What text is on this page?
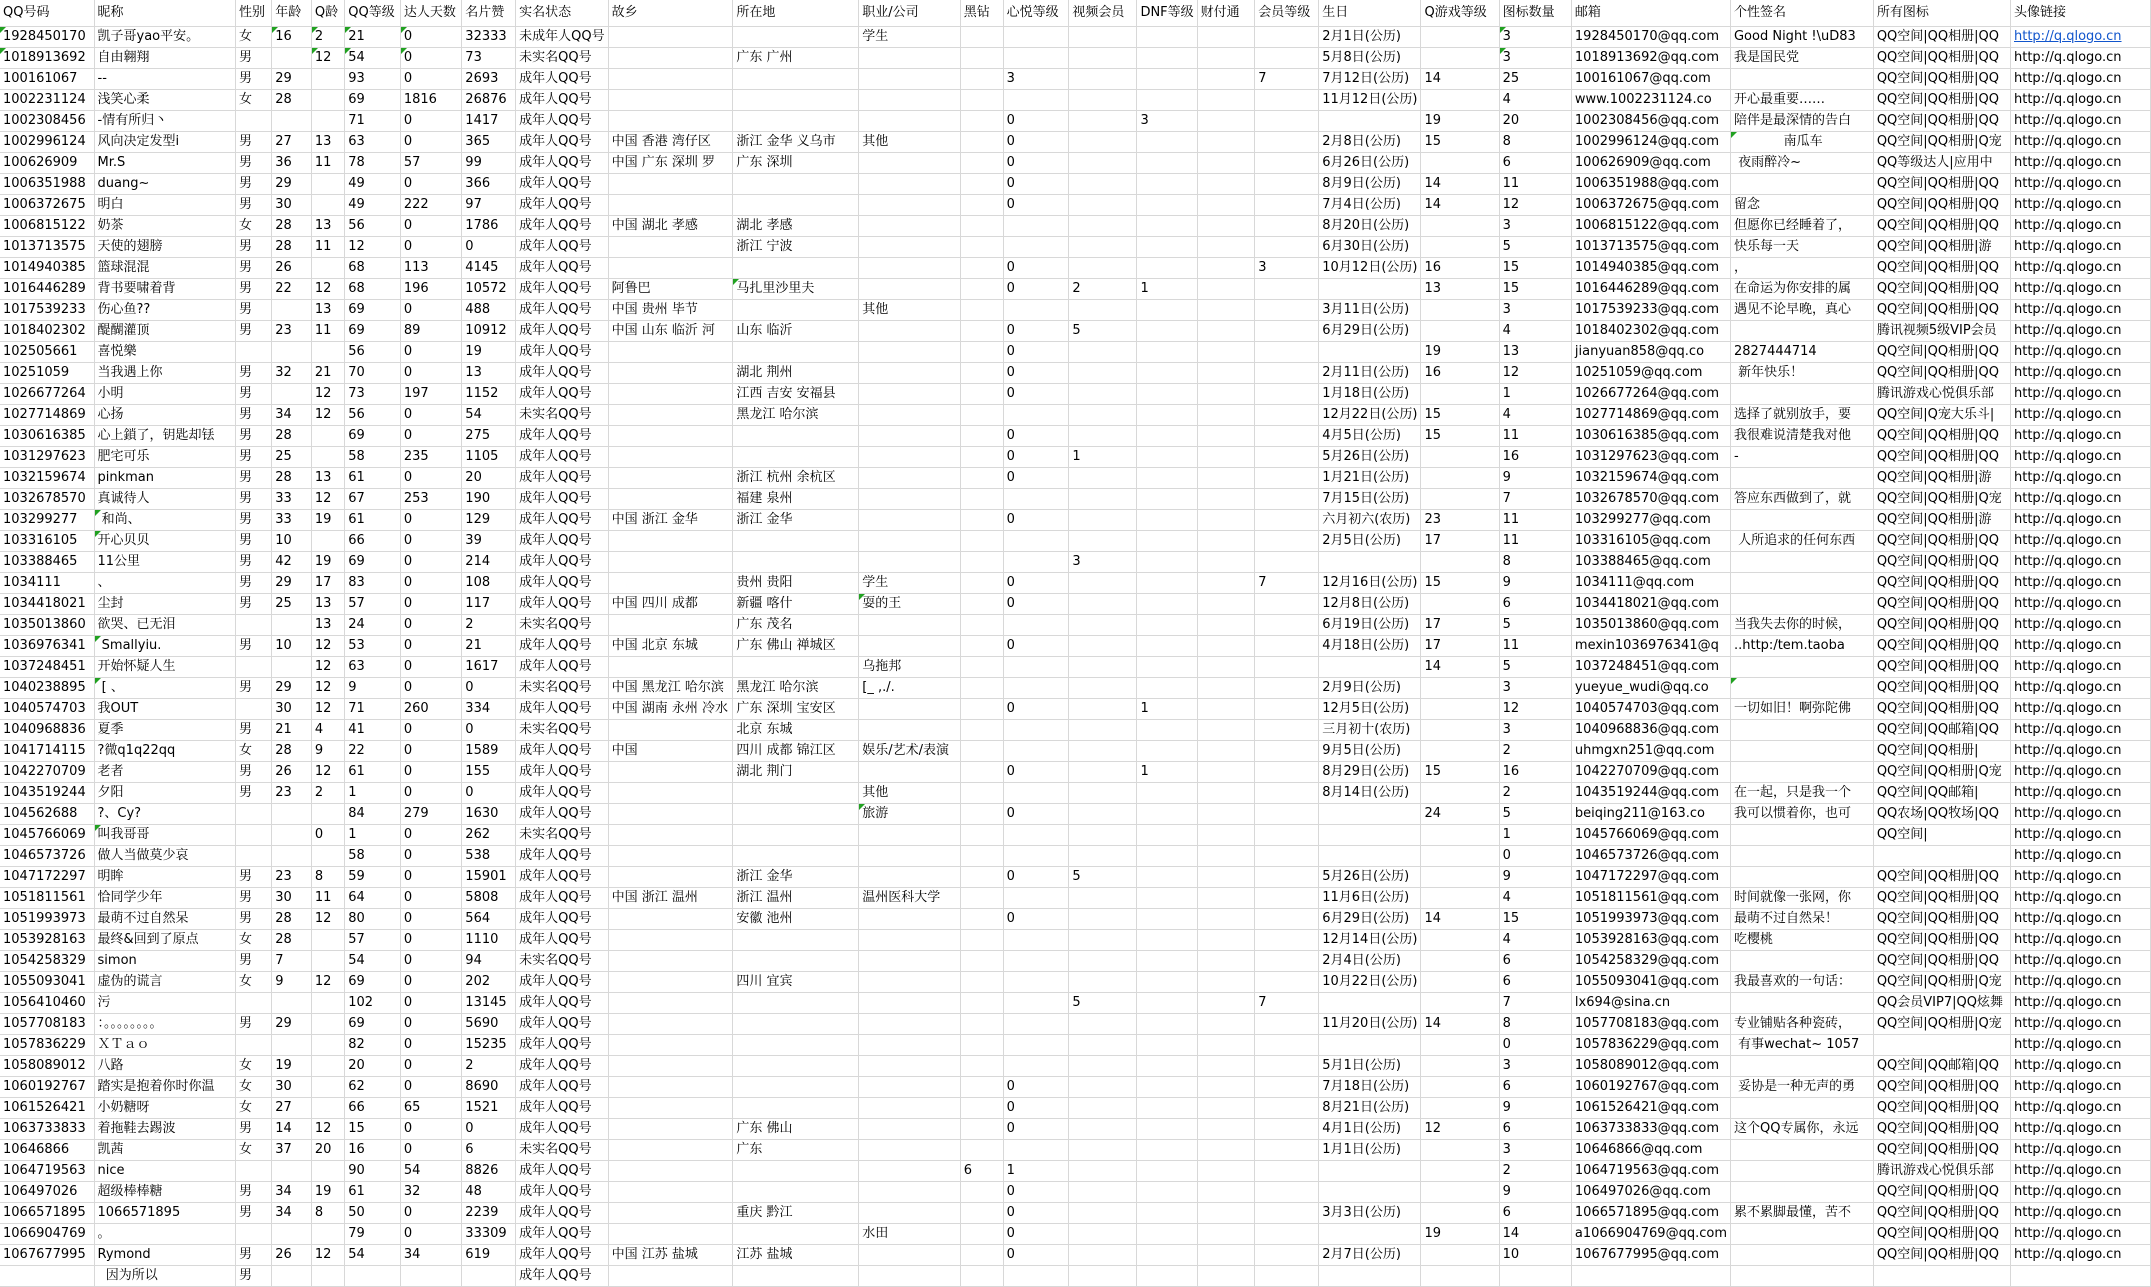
QQ号码	昵称	性别	年龄	Q龄	QQ等级	达人天数	名片赞	实名状态	故乡	所在地	职业/公司	黑钻	心悦等级	视频会员	DNF等级	财付通	会员等级	生日	Q游戏等级	图标数量	邮箱	个性签名	所有图标	头像链接

1928450170	凯子哥yao平安。	女	16	2	21	0	32333	未成年人QQ号			学生							2月1日(公历)		3	1928450170@qq.com	Good Night !\uD83	QQ空间|QQ相册|QQ	http://q.qlogo.cn

1018913692	自由翱翔	男		12	54	0	73	未实名QQ号		广东 广州								5月8日(公历)		3	1018913692@qq.com	我是国民党	QQ空间|QQ相册|QQ	http://q.qlogo.cn
100161067	--	男	29		93	0	2693	成年人QQ号					3				7	7月12日(公历)	14	25	100161067@qq.com		QQ空间|QQ相册|QQ	http://q.qlogo.cn
1002231124	浅笑心柔	女	28		69	1816	26876	成年人QQ号										11月12日(公历)		4	www.1002231124.co	开心最重要……	QQ空间|QQ相册|QQ	http://q.qlogo.cn
1002308456	-情有所归丶				71	0	1417	成年人QQ号					0		3				19	20	1002308456@qq.com	陪伴是最深情的告白	QQ空间|QQ相册|QQ	http://q.qlogo.cn
1002996124	风向决定发型i	男	27	13	63	0	365	成年人QQ号	中国 香港 湾仔区	浙江 金华 义乌市	其他		0					2月8日(公历)	15	8	1002996124@qq.com	南瓜车	QQ空间|QQ相册|Q宠	http://q.qlogo.cn
100626909	Mr.S	男	36	11	78	57	99	成年人QQ号	中国 广东 深圳 罗	广东 深圳			0					6月26日(公历)		6	100626909@qq.com	夜雨醉冷~	QQ等级达人|应用中	http://q.qlogo.cn
1006351988	duang~	男	29		49	0	366	成年人QQ号					0					8月9日(公历)	14	11	1006351988@qq.com		QQ空间|QQ相册|QQ	http://q.qlogo.cn
1006372675	明白	男	30		49	222	97	成年人QQ号					0					7月4日(公历)	14	12	1006372675@qq.com	留念	QQ空间|QQ相册|QQ	http://q.qlogo.cn
1006815122	奶茶	女	28	13	56	0	1786	成年人QQ号	中国 湖北 孝感	湖北 孝感								8月20日(公历)		3	1006815122@qq.com	但愿你已经睡着了，	QQ空间|QQ相册|QQ	http://q.qlogo.cn
1013713575	天使的翅膀	男	28	11	12	0	0	成年人QQ号		浙江 宁波								6月30日(公历)		5	1013713575@qq.com	快乐每一天	QQ空间|QQ相册|游	http://q.qlogo.cn
1014940385	篮球混混	男	26		68	113	4145	成年人QQ号					0				3	10月12日(公历)	16	15	1014940385@qq.com	，	QQ空间|QQ相册|QQ	http://q.qlogo.cn
1016446289	背书要啸着背	男	22	12	68	196	10572	成年人QQ号	阿鲁巴	马扎里沙里夫			0	2	1				13	15	1016446289@qq.com	在命运为你安排的属	QQ空间|QQ相册|QQ	http://q.qlogo.cn
1017539233	伤心鱼??	男		13	69	0	488	成年人QQ号	中国 贵州 毕节		其他							3月11日(公历)		3	1017539233@qq.com	遇见不论早晚，真心	QQ空间|QQ相册|QQ	http://q.qlogo.cn
1018402302	醍醐灌顶	男	23	11	69	89	10912	成年人QQ号	中国 山东 临沂 河	山东 临沂			0	5				6月29日(公历)		4	1018402302@qq.com		腾讯视频5级VIP会员	http://q.qlogo.cn
102505661	喜悦樂				56	0	19	成年人QQ号					0						19	13	jianyuan858@qq.co	2827444714	QQ空间|QQ相册|QQ	http://q.qlogo.cn
10251059	当我遇上你	男	32	21	70	0	13	成年人QQ号		湖北 荆州			0					2月11日(公历)	16	12	10251059@qq.com	新年快乐！	QQ空间|QQ相册|QQ	http://q.qlogo.cn
1026677264	小明	男		12	73	197	1152	成年人QQ号		江西 吉安 安福县			0					1月18日(公历)		1	1026677264@qq.com		腾讯游戏心悦俱乐部	http://q.qlogo.cn
1027714869	心扬	男	34	12	56	0	54	未实名QQ号		黑龙江 哈尔滨								12月22日(公历)	15	4	1027714869@qq.com	选择了就别放手，要	QQ空间|Q宠大乐斗|	http://q.qlogo.cn
1030616385	心上鎖了，钥匙却铥	男	28		69	0	275	成年人QQ号					0					4月5日(公历)	15	11	1030616385@qq.com	我很难说清楚我对他	QQ空间|QQ相册|QQ	http://q.qlogo.cn
1031297623	肥宅可乐	男	25		58	235	1105	成年人QQ号					0	1				5月26日(公历)		16	1031297623@qq.com	-	QQ空间|QQ相册|QQ	http://q.qlogo.cn
1032159674	pinkman	男	28	13	61	0	20	成年人QQ号		浙江 杭州 余杭区			0					1月21日(公历)		9	1032159674@qq.com		QQ空间|QQ相册|游	http://q.qlogo.cn
1032678570	真诚待人	男	33	12	67	253	190	成年人QQ号		福建 泉州								7月15日(公历)		7	1032678570@qq.com	答应东西做到了，就	QQ空间|QQ相册|Q宠	http://q.qlogo.cn
103299277	和尚、	男	33	19	61	0	129	成年人QQ号	中国 浙江 金华	浙江 金华			0					六月初六(农历)	23	11	103299277@qq.com		QQ空间|QQ相册|游	http://q.qlogo.cn
103316105	开心贝贝	男	10		66	0	39	成年人QQ号										2月5日(公历)	17	11	103316105@qq.com	人所追求的任何东西	QQ空间|QQ相册|QQ	http://q.qlogo.cn
103388465	11公里	男	42	19	69	0	214	成年人QQ号						3						8	103388465@qq.com		QQ空间|QQ相册|QQ	http://q.qlogo.cn
1034111	、	男	29	17	83	0	108	成年人QQ号		贵州 贵阳	学生		0				7	12月16日(公历)	15	9	1034111@qq.com		QQ空间|QQ相册|QQ	http://q.qlogo.cn
1034418021	尘封	男	25	13	57	0	117	成年人QQ号	中国 四川 成都	新疆 喀什	耍的王		0					12月8日(公历)		6	1034418021@qq.com		QQ空间|QQ相册|QQ	http://q.qlogo.cn
1035013860	欲哭、已无泪			13	24	0	2	未实名QQ号		广东 茂名								6月19日(公历)	17	5	1035013860@qq.com	当我失去你的时候，	QQ空间|QQ相册|QQ	http://q.qlogo.cn
1036976341	Smallyiu.	男	10	12	53	0	21	成年人QQ号	中国 北京 东城	广东 佛山 禅城区			0					4月18日(公历)	17	11	mexin1036976341@q	..http:/tem.taoba	QQ空间|QQ相册|QQ	http://q.qlogo.cn
1037248451	开始怀疑人生			12	63	0	1617	成年人QQ号			乌拖邦								14	5	1037248451@qq.com		QQ空间|QQ相册|QQ	http://q.qlogo.cn
1040238895	[ 、	男	29	12	9	0	0	未实名QQ号	中国 黑龙江 哈尔滨	黑龙江 哈尔滨	[_ ,./.							2月9日(公历)		3	yueyue_wudi@qq.co		QQ空间|QQ相册|QQ	http://q.qlogo.cn
1040574703	我OUT		30	12	71	260	334	成年人QQ号	中国 湖南 永州 冷水	广东 深圳 宝安区			0		1			12月5日(公历)		12	1040574703@qq.com	一切如旧！啊弥陀佛	QQ空间|QQ相册|QQ	http://q.qlogo.cn
1040968836	夏季	男	21	4	41	0	0	未实名QQ号		北京 东城								三月初十(农历)		3	1040968836@qq.com		QQ空间|QQ邮箱|QQ	http://q.qlogo.cn
1041714115	?微q1q22qq	女	28	9	22	0	1589	成年人QQ号	中国	四川 成都 锦江区	娱乐/艺术/表演							9月5日(公历)		2	uhmgxn251@qq.com		QQ空间|QQ相册|	http://q.qlogo.cn
1042270709	老者	男	26	12	61	0	155	成年人QQ号		湖北 荆门			0		1			8月29日(公历)	15	16	1042270709@qq.com		QQ空间|QQ相册|Q宠	http://q.qlogo.cn
1043519244	夕阳	男	23	2	1	0	0	成年人QQ号			其他							8月14日(公历)		2	1043519244@qq.com	在一起，只是我一个	QQ空间|QQ邮箱|	http://q.qlogo.cn
104562688	?、Cy?				84	279	1630	成年人QQ号			旅游		0						24	5	beiqing211@163.co	我可以惯着你，也可	QQ农场|QQ牧场|QQ	http://q.qlogo.cn
1045766069	叫我哥哥			0	1	0	262	未实名QQ号												1	1045766069@qq.com		QQ空间|	http://q.qlogo.cn
1046573726	做人当做莫少哀				58	0	538	成年人QQ号												0	1046573726@qq.com			http://q.qlogo.cn
1047172297	明眸	男	23	8	59	0	15901	成年人QQ号		浙江 金华			0	5				5月26日(公历)		9	1047172297@qq.com		QQ空间|QQ相册|QQ	http://q.qlogo.cn
1051811561	恰同学少年	男	30	11	64	0	5808	成年人QQ号	中国 浙江 温州	浙江 温州	温州医科大学							11月6日(公历)		4	1051811561@qq.com	时间就像一张网，你	QQ空间|QQ相册|QQ	http://q.qlogo.cn
1051993973	最萌不过自然呆	男	28	12	80	0	564	成年人QQ号		安徽 池州			0					6月29日(公历)	14	15	1051993973@qq.com	最萌不过自然呆！	QQ空间|QQ相册|QQ	http://q.qlogo.cn
1053928163	最终&回到了原点	女	28		57	0	1110	成年人QQ号										12月14日(公历)		4	1053928163@qq.com	吃樱桃	QQ空间|QQ相册|QQ	http://q.qlogo.cn
1054258329	simon	男	7		54	0	94	未实名QQ号										2月4日(公历)		6	1054258329@qq.com		QQ空间|QQ相册|QQ	http://q.qlogo.cn
1055093041	虚伪的谎言	女	9	12	69	0	202	成年人QQ号		四川 宜宾								10月22日(公历)		6	1055093041@qq.com	我最喜欢的一句话：	QQ空间|QQ相册|Q宠	http://q.qlogo.cn
1056410460	污				102	0	13145	成年人QQ号						5			7			7	lx694@sina.cn		QQ会员VIP7|QQ炫舞	http://q.qlogo.cn
1057708183	：。。。。。。。。	男	29		69	0	5690	成年人QQ号										11月20日(公历)	14	8	1057708183@qq.com	专业铺贴各种瓷砖，	QQ空间|QQ相册|Q宠	http://q.qlogo.cn
1057836229	ＸＴａｏ				82	0	15235	成年人QQ号												0	1057836229@qq.com	有事wechat~ 1057		http://q.qlogo.cn
1058089012	八路	女	19		20	0	2	成年人QQ号										5月1日(公历)		3	1058089012@qq.com		QQ空间|QQ邮箱|QQ	http://q.qlogo.cn
1060192767	踏实是抱着你时你温	女	30		62	0	8690	成年人QQ号					0					7月18日(公历)		6	1060192767@qq.com	妥协是一种无声的勇	QQ空间|QQ相册|QQ	http://q.qlogo.cn
1061526421	小奶糖呀	女	27		66	65	1521	成年人QQ号					0					8月21日(公历)		9	1061526421@qq.com		QQ空间|QQ相册|QQ	http://q.qlogo.cn
1063733833	着拖鞋去踢波	男	14	12	15	0	0	成年人QQ号		广东 佛山			0					4月1日(公历)	12	6	1063733833@qq.com	这个QQ专属你，永远	QQ空间|QQ相册|QQ	http://q.qlogo.cn
10646866	凯茜	女	37	20	16	0	6	未实名QQ号		广东								1月1日(公历)		3	10646866@qq.com		QQ空间|QQ相册|QQ	http://q.qlogo.cn
1064719563	nice				90	54	8826	成年人QQ号				6	1							2	1064719563@qq.com		腾讯游戏心悦俱乐部	http://q.qlogo.cn
106497026	超级棒棒糖	男	34	19	61	32	48	成年人QQ号					0							9	106497026@qq.com		QQ空间|QQ相册|QQ	http://q.qlogo.cn
1066571895	1066571895	男	34	8	50	0	2239	成年人QQ号		重庆 黔江			0					3月3日(公历)		6	1066571895@qq.com	累不累脚最懂，苦不	QQ空间|QQ相册|QQ	http://q.qlogo.cn
1066904769	。				79	0	33309	成年人QQ号			水田		0						19	14	a1066904769@qq.com		QQ空间|QQ相册|QQ	http://q.qlogo.cn
1067677995	Rymond	男	26	12	54	34	619	成年人QQ号	中国 江苏 盐城	江苏 盐城			0					2月7日(公历)		10	1067677995@qq.com		QQ空间|QQ相册|QQ	http://q.qlogo.cn
	因为所以	男						成年人QQ号																
